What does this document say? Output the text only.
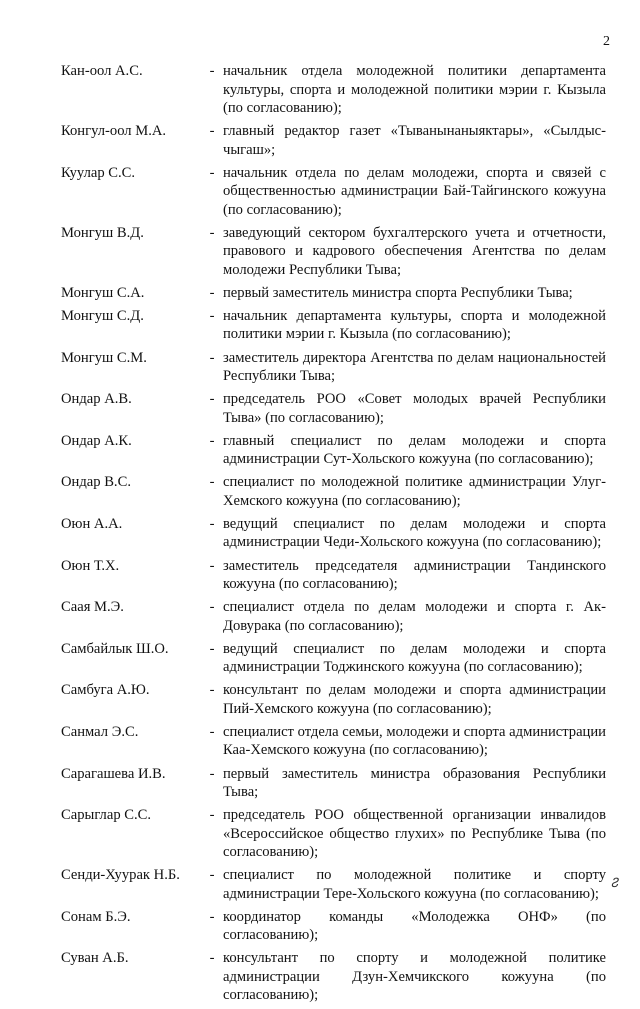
2
Кан-оол А.С.	- начальник отдела молодежной политики департамента культуры, спорта и молодежной политики мэрии г. Кызыла (по согласованию);
Конгул-оол М.А.	- главный редактор газет «Тыванынаныяктары», «Сылдыс-чыгаш»;
Куулар С.С.	- начальник отдела по делам молодежи, спорта и связей с общественностью администрации Бай-Тайгинского кожууна (по согласованию);
Монгуш В.Д.	- заведующий сектором бухгалтерского учета и отчетности, правового и кадрового обеспечения Агентства по делам молодежи Республики Тыва;
Монгуш С.А.	- первый заместитель министра спорта Республики Тыва;
Монгуш С.Д.	- начальник департамента культуры, спорта и молодежной политики мэрии г. Кызыла (по согласованию);
Монгуш С.М.	- заместитель директора Агентства по делам национальностей Республики Тыва;
Ондар А.В.	- председатель РОО «Совет молодых врачей Республики Тыва» (по согласованию);
Ондар А.К.	- главный специалист по делам молодежи и спорта администрации Сут-Хольского кожууна (по согласованию);
Ондар В.С.	- специалист по молодежной политике администрации Улуг-Хемского кожууна (по согласованию);
Оюн А.А.	- ведущий специалист по делам молодежи и спорта администрации Чеди-Хольского кожууна (по согласованию);
Оюн Т.Х.	- заместитель председателя администрации Тандинского кожууна (по согласованию);
Саая М.Э.	- специалист отдела по делам молодежи и спорта г. Ак-Довурака (по согласованию);
Самбайлык Ш.О.	- ведущий специалист по делам молодежи и спорта администрации Тоджинского кожууна (по согласованию);
Самбуга А.Ю.	- консультант по делам молодежи и спорта администрации Пий-Хемского кожууна (по согласованию);
Санмал Э.С.	- специалист отдела семьи, молодежи и спорта администрации Каа-Хемского кожууна (по согласованию);
Сарагашева И.В.	- первый заместитель министра образования Республики Тыва;
Сарыглар С.С.	- председатель РОО общественной организации инвалидов «Всероссийское общество глухих» по Республике Тыва (по согласованию);
Сенди-Хуурак Н.Б.	- специалист по молодежной политике и спорту администрации Тере-Хольского кожууна (по согласованию);
Сонам Б.Э.	- координатор команды «Молодежка ОНФ» (по согласованию);
Суван А.Б.	- консультант по спорту и молодежной политике администрации Дзун-Хемчикского кожууна (по согласованию);
Ⴧ
